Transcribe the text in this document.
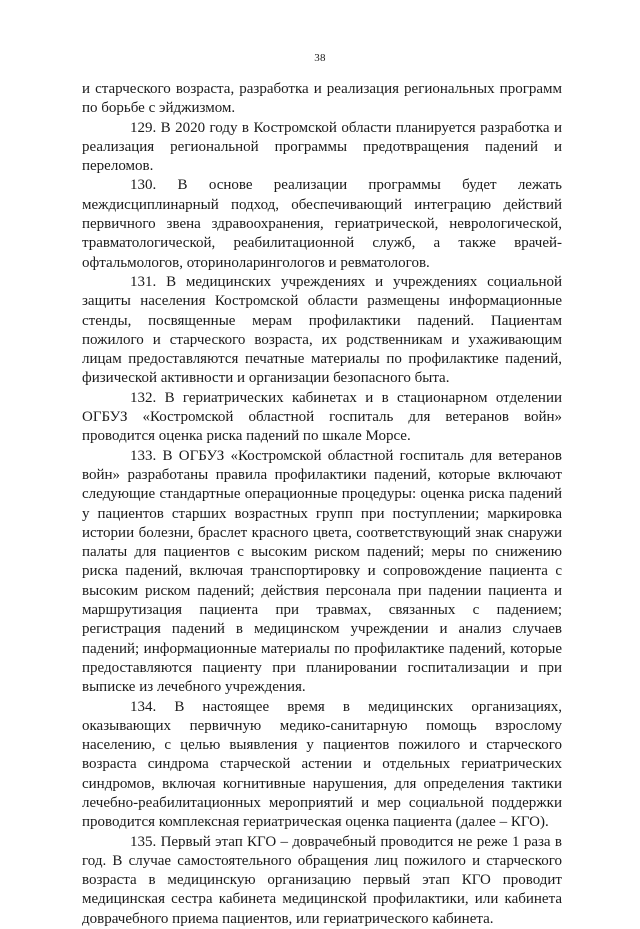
38

и старческого возраста, разработка и реализация региональных программ по борьбе с эйджизмом.

129. В 2020 году в Костромской области планируется разработка и реализация региональной программы предотвращения падений и переломов.

130. В основе реализации программы будет лежать междисциплинарный подход, обеспечивающий интеграцию действий первичного звена здравоохранения, гериатрической, неврологической, травматологической, реабилитационной служб, а также врачей-офтальмологов, оториноларингологов и ревматологов.

131. В медицинских учреждениях и учреждениях социальной защиты населения Костромской области размещены информационные стенды, посвященные мерам профилактики падений. Пациентам пожилого и старческого возраста, их родственникам и ухаживающим лицам предоставляются печатные материалы по профилактике падений, физической активности и организации безопасного быта.

132. В гериатрических кабинетах и в стационарном отделении ОГБУЗ «Костромской областной госпиталь для ветеранов войн» проводится оценка риска падений по шкале Морсе.

133. В ОГБУЗ «Костромской областной госпиталь для ветеранов войн» разработаны правила профилактики падений, которые включают следующие стандартные операционные процедуры: оценка риска падений у пациентов старших возрастных групп при поступлении; маркировка истории болезни, браслет красного цвета, соответствующий знак снаружи палаты для пациентов с высоким риском падений; меры по снижению риска падений, включая транспортировку и сопровождение пациента с высоким риском падений; действия персонала при падении пациента и маршрутизация пациента при травмах, связанных с падением; регистрация падений в медицинском учреждении и анализ случаев падений; информационные материалы по профилактике падений, которые предоставляются пациенту при планировании госпитализации и при выписке из лечебного учреждения.

134. В настоящее время в медицинских организациях, оказывающих первичную медико-санитарную помощь взрослому населению, с целью выявления у пациентов пожилого и старческого возраста синдрома старческой астении и отдельных гериатрических синдромов, включая когнитивные нарушения, для определения тактики лечебно-реабилитационных мероприятий и мер социальной поддержки проводится комплексная гериатрическая оценка пациента (далее – КГО).

135. Первый этап КГО – доврачебный проводится не реже 1 раза в год. В случае самостоятельного обращения лиц пожилого и старческого возраста в медицинскую организацию первый этап КГО проводит медицинская сестра кабинета медицинской профилактики, или кабинета доврачебного приема пациентов, или гериатрического кабинета.
